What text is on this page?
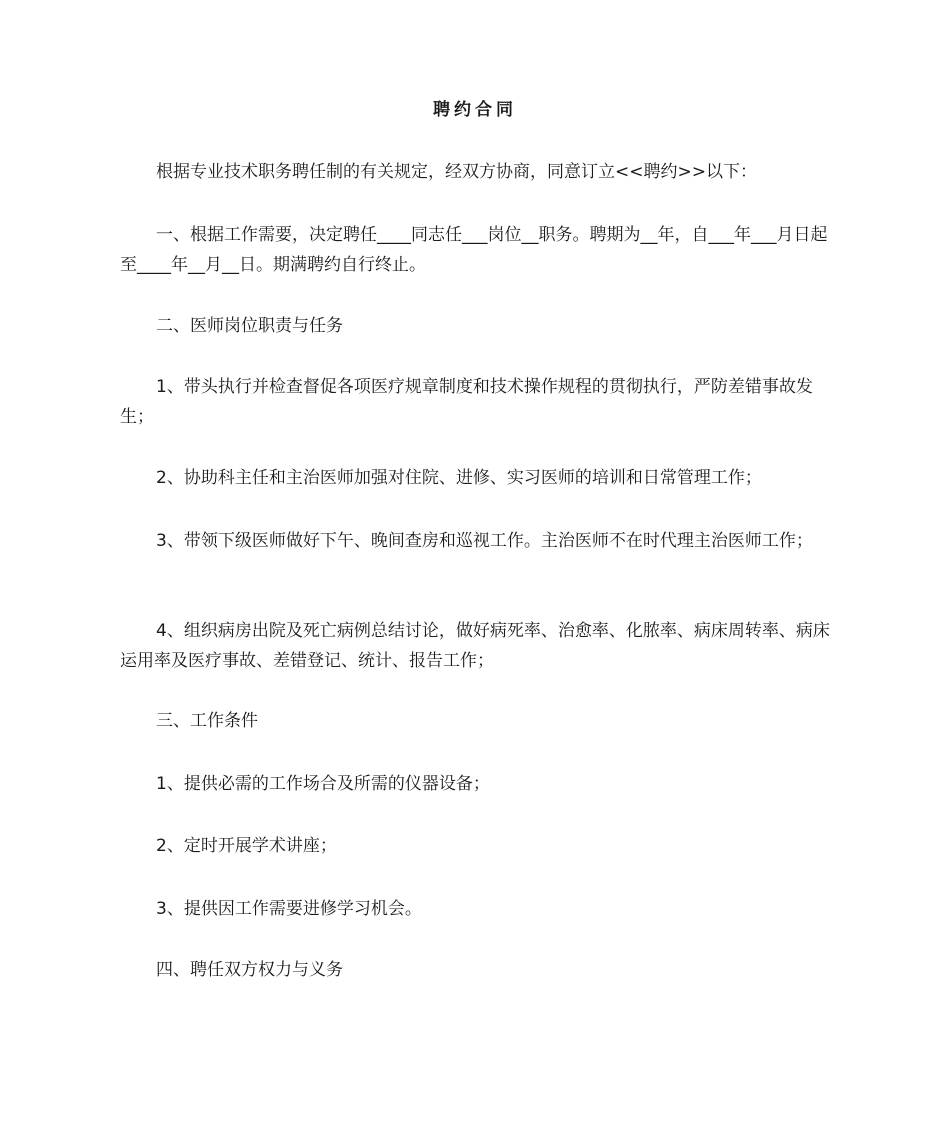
聘约合同
根据专业技术职务聘任制的有关规定，经双方协商，同意订立<<聘约>>以下：
一、根据工作需要，决定聘任____同志任___岗位__职务。聘期为__年，自___年___月日起至____年__月__日。期满聘约自行终止。
二、医师岗位职责与任务
1、带头执行并检查督促各项医疗规章制度和技术操作规程的贯彻执行，严防差错事故发生；
2、协助科主任和主治医师加强对住院、进修、实习医师的培训和日常管理工作；
3、带领下级医师做好下午、晚间查房和巡视工作。主治医师不在时代理主治医师工作；
4、组织病房出院及死亡病例总结讨论，做好病死率、治愈率、化脓率、病床周转率、病床运用率及医疗事故、差错登记、统计、报告工作；
三、工作条件
1、提供必需的工作场合及所需的仪器设备；
2、定时开展学术讲座；
3、提供因工作需要进修学习机会。
四、聘任双方权力与义务
